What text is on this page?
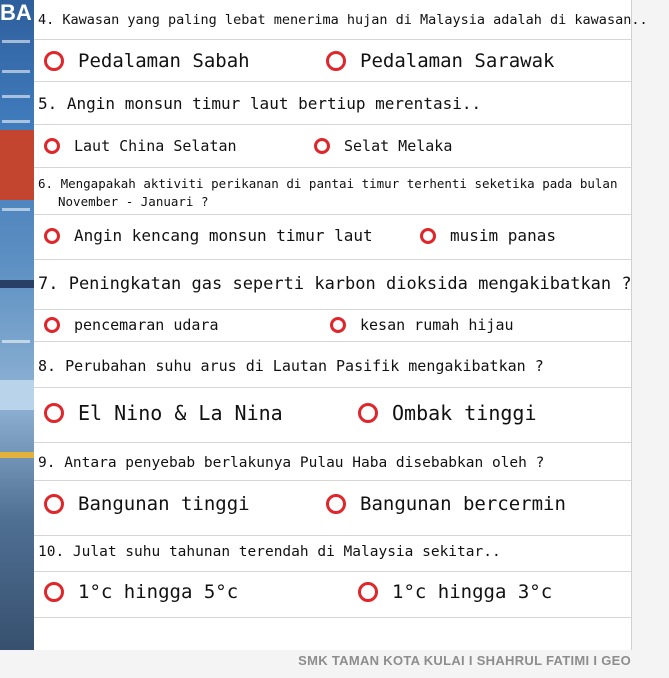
BA 4. Kawasan yang paling lebat menerima hujan di Malaysia adalah di kawasan..

Pedalaman Sabah	Pedalaman Sarawak

5. Angin monsun timur laut bertiup merentasi..

Laut China Selatan	Selat Melaka

6. Mengapakah aktiviti perikanan di pantai timur terhenti seketika pada bulan

November - Januari ?

Angin kencang monsun timur laut	musim panas

7. Peningkatan gas seperti karbon dioksida mengakibatkan ?

pencemaran udara	kesan rumah hijau

8. Perubahan suhu arus di Lautan Pasifik mengakibatkan ?

El Nino & La Nina	Ombak tinggi

9. Antara penyebab berlakunya Pulau Haba disebabkan oleh ?

Bangunan tinggi	Bangunan bercermin

10. Julat suhu tahunan terendah di Malaysia sekitar..

1°c hingga 5°c	1°c hingga 3°c
SMK TAMAN KOTA KULAI I SHAHRUL FATIMI I GEO
